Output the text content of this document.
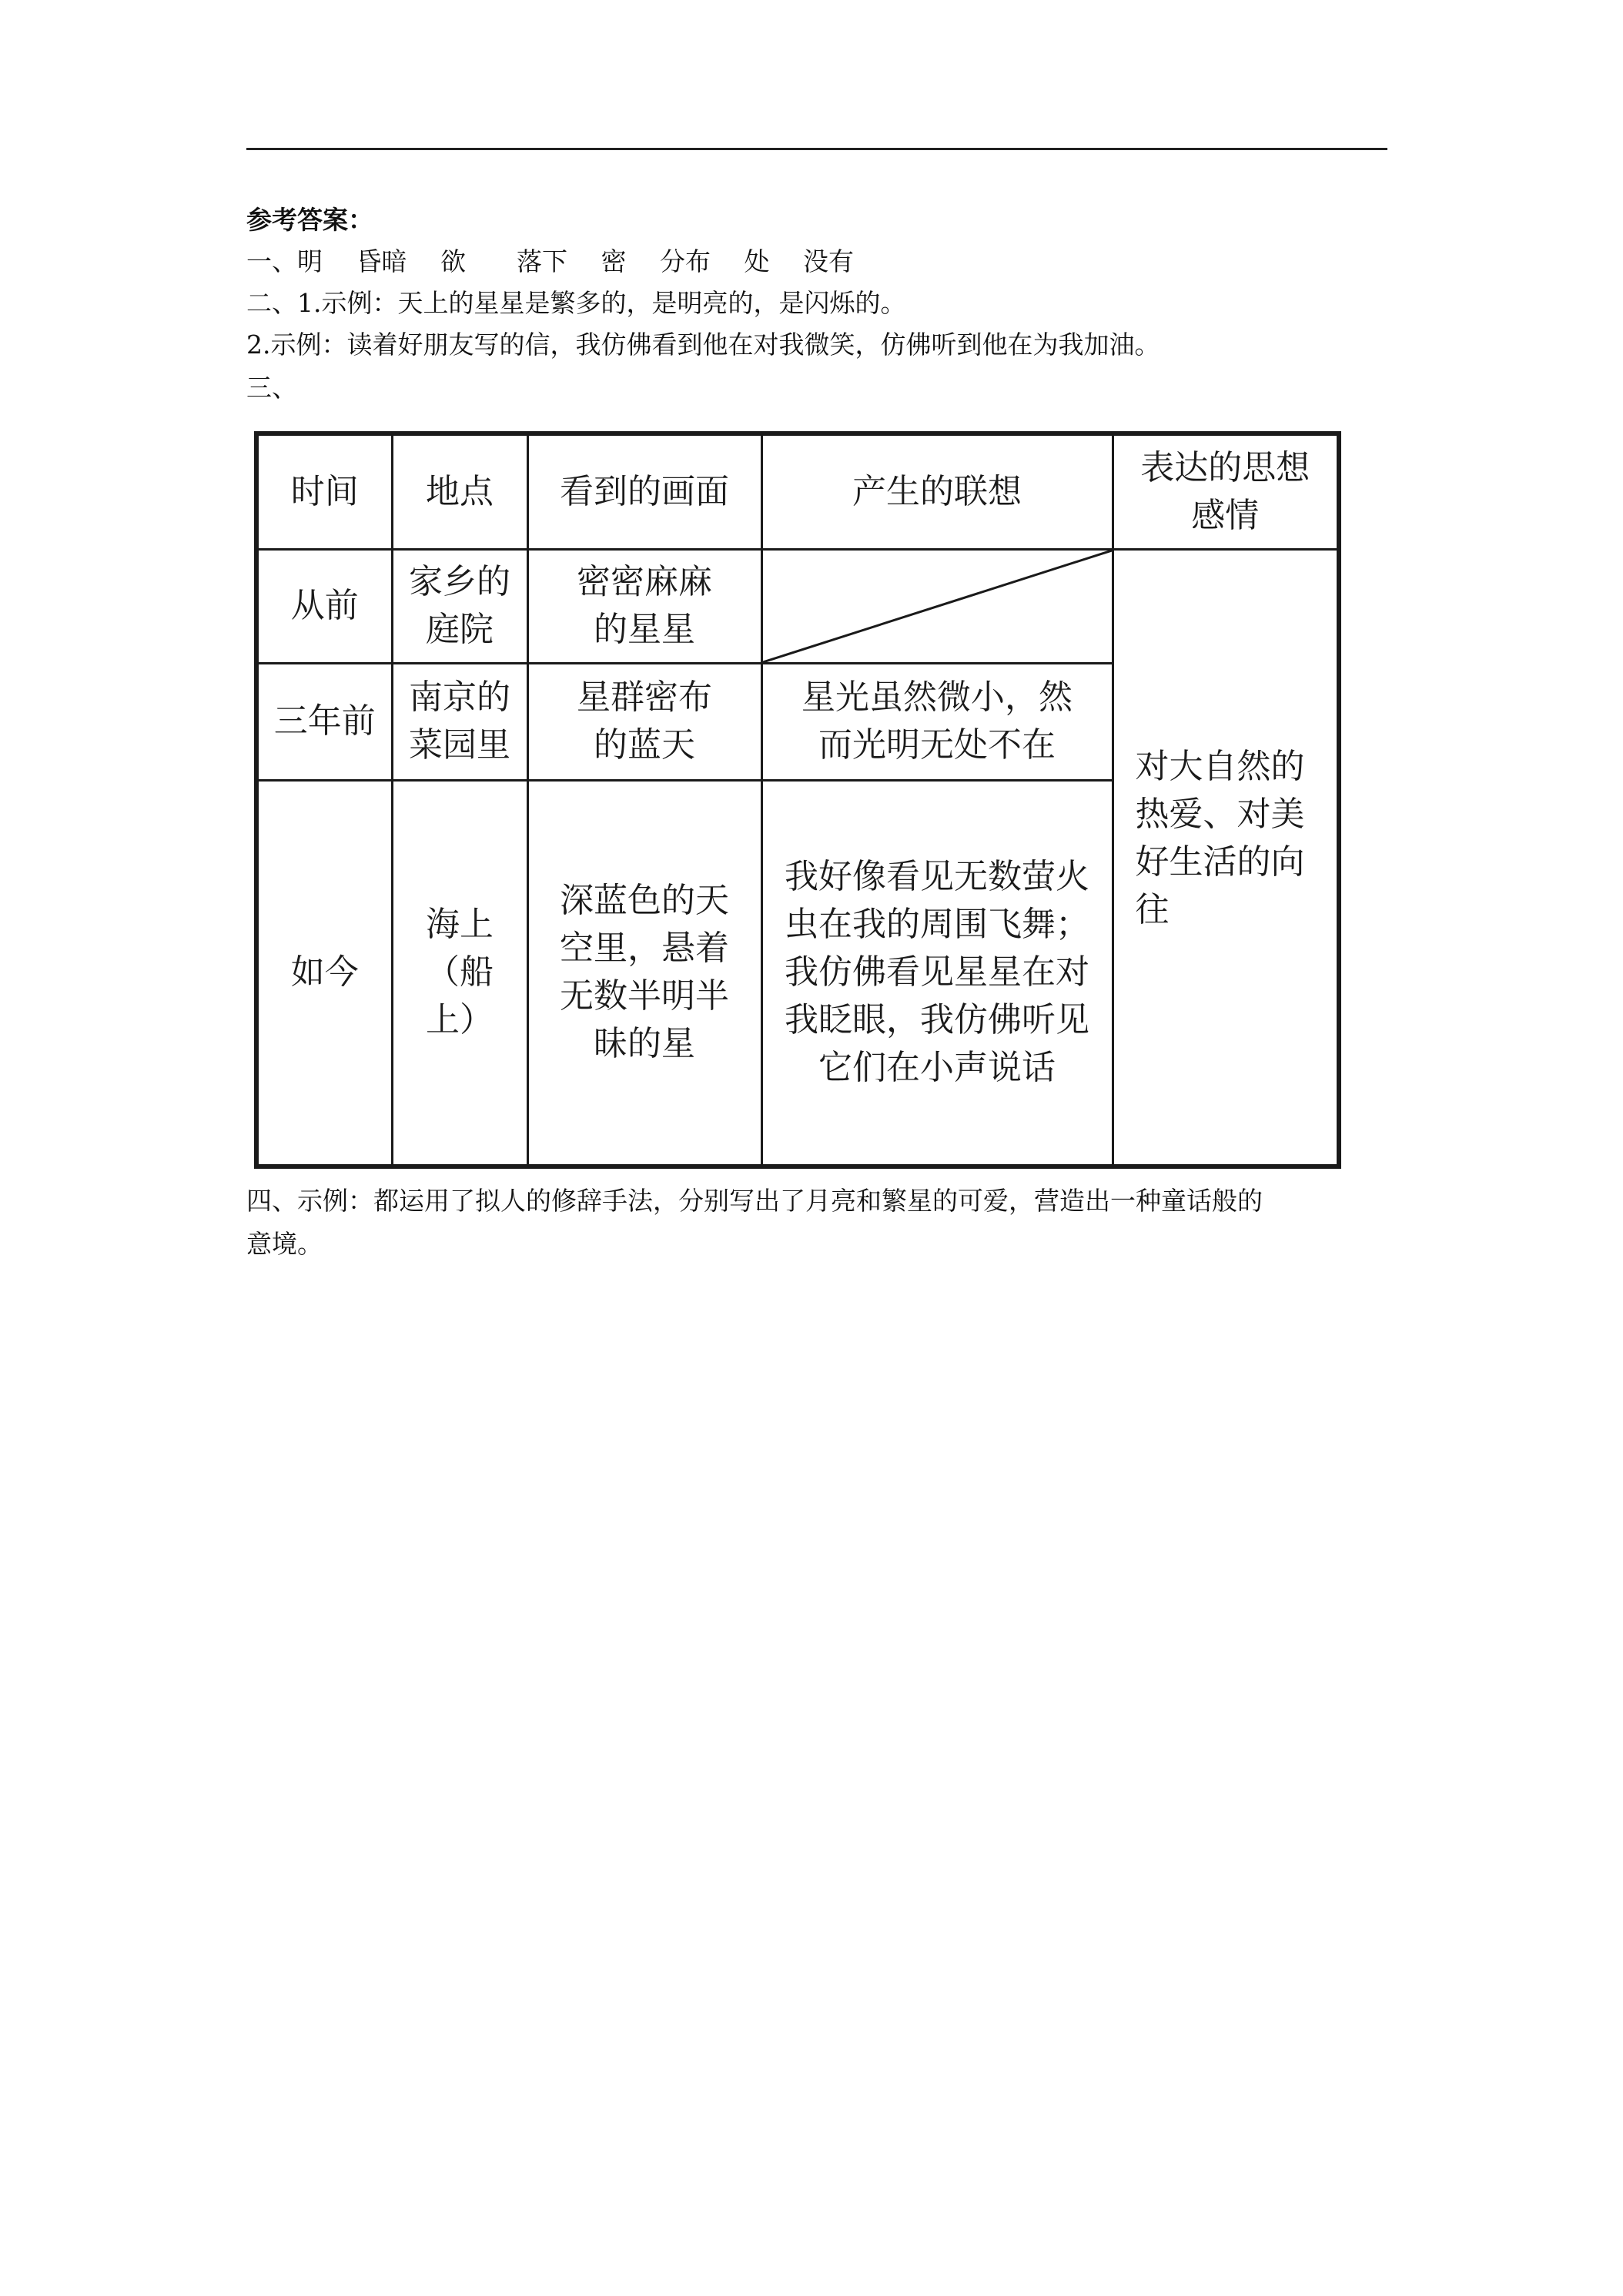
参考答案：
一、明　 昏暗　 欲　　落下　 密　 分布　 处　 没有
二、1.示例：天上的星星是繁多的，是明亮的，是闪烁的。
2.示例：读着好朋友写的信，我仿佛看到他在对我微笑，仿佛听到他在为我加油。
三、
时间	地点	看到的画面	产生的联想	表达的思想感情
从前	家乡的庭院	密密麻麻的星星		对大自然的热爱、对美好生活的向往
三年前	南京的菜园里	星群密布的蓝天	星光虽然微小，然而光明无处不在	
如今	海上（船上）	深蓝色的天空里，悬着无数半明半昧的星	我好像看见无数萤火虫在我的周围飞舞；我仿佛看见星星在对我眨眼，我仿佛听见它们在小声说话	
四、示例：都运用了拟人的修辞手法，分别写出了月亮和繁星的可爱，营造出一种童话般的
意境。
